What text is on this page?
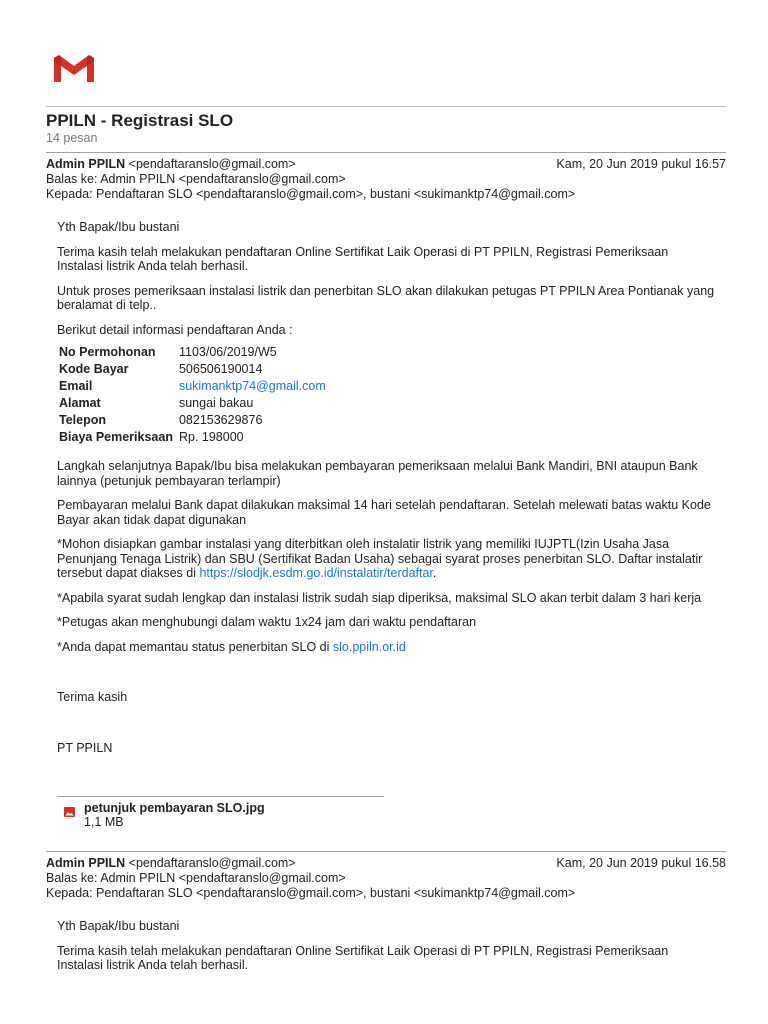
PPILN - Registrasi SLO
14 pesan
Admin PPILN <pendaftaranslo@gmail.com>	Kam, 20 Jun 2019 pukul 16.57
Balas ke: Admin PPILN <pendaftaranslo@gmail.com>
Kepada: Pendaftaran SLO <pendaftaranslo@gmail.com>, bustani <sukimanktp74@gmail.com>

Yth Bapak/Ibu bustani

Terima kasih telah melakukan pendaftaran Online Sertifikat Laik Operasi di PT PPILN, Registrasi Pemeriksaan Instalasi listrik Anda telah berhasil.

Untuk proses pemeriksaan instalasi listrik dan penerbitan SLO akan dilakukan petugas PT PPILN Area Pontianak yang beralamat di telp..

Berikut detail informasi pendaftaran Anda :

No Permohonan	1103/06/2019/W5
Kode Bayar	506506190014
Email	sukimanktp74@gmail.com
Alamat	sungai bakau
Telepon	082153629876
Biaya Pemeriksaan	Rp. 198000

Langkah selanjutnya Bapak/Ibu bisa melakukan pembayaran pemeriksaan melalui Bank Mandiri, BNI ataupun Bank lainnya (petunjuk pembayaran terlampir)

Pembayaran melalui Bank dapat dilakukan maksimal 14 hari setelah pendaftaran. Setelah melewati batas waktu Kode Bayar akan tidak dapat digunakan

*Mohon disiapkan gambar instalasi yang diterbitkan oleh instalatir listrik yang memiliki IUJPTL(Izin Usaha Jasa Penunjang Tenaga Listrik) dan SBU (Sertifikat Badan Usaha) sebagai syarat proses penerbitan SLO. Daftar instalatir tersebut dapat diakses di https://slodjk.esdm.go.id/instalatir/terdaftar.

*Apabila syarat sudah lengkap dan instalasi listrik sudah siap diperiksa, maksimal SLO akan terbit dalam 3 hari kerja

*Petugas akan menghubungi dalam waktu 1x24 jam dari waktu pendaftaran

*Anda dapat memantau status penerbitan SLO di slo.ppiln.or.id

Terima kasih

PT PPILN

petunjuk pembayaran SLO.jpg
1,1 MB
Admin PPILN <pendaftaranslo@gmail.com>	Kam, 20 Jun 2019 pukul 16.58
Balas ke: Admin PPILN <pendaftaranslo@gmail.com>
Kepada: Pendaftaran SLO <pendaftaranslo@gmail.com>, bustani <sukimanktp74@gmail.com>

Yth Bapak/Ibu bustani

Terima kasih telah melakukan pendaftaran Online Sertifikat Laik Operasi di PT PPILN, Registrasi Pemeriksaan Instalasi listrik Anda telah berhasil.
